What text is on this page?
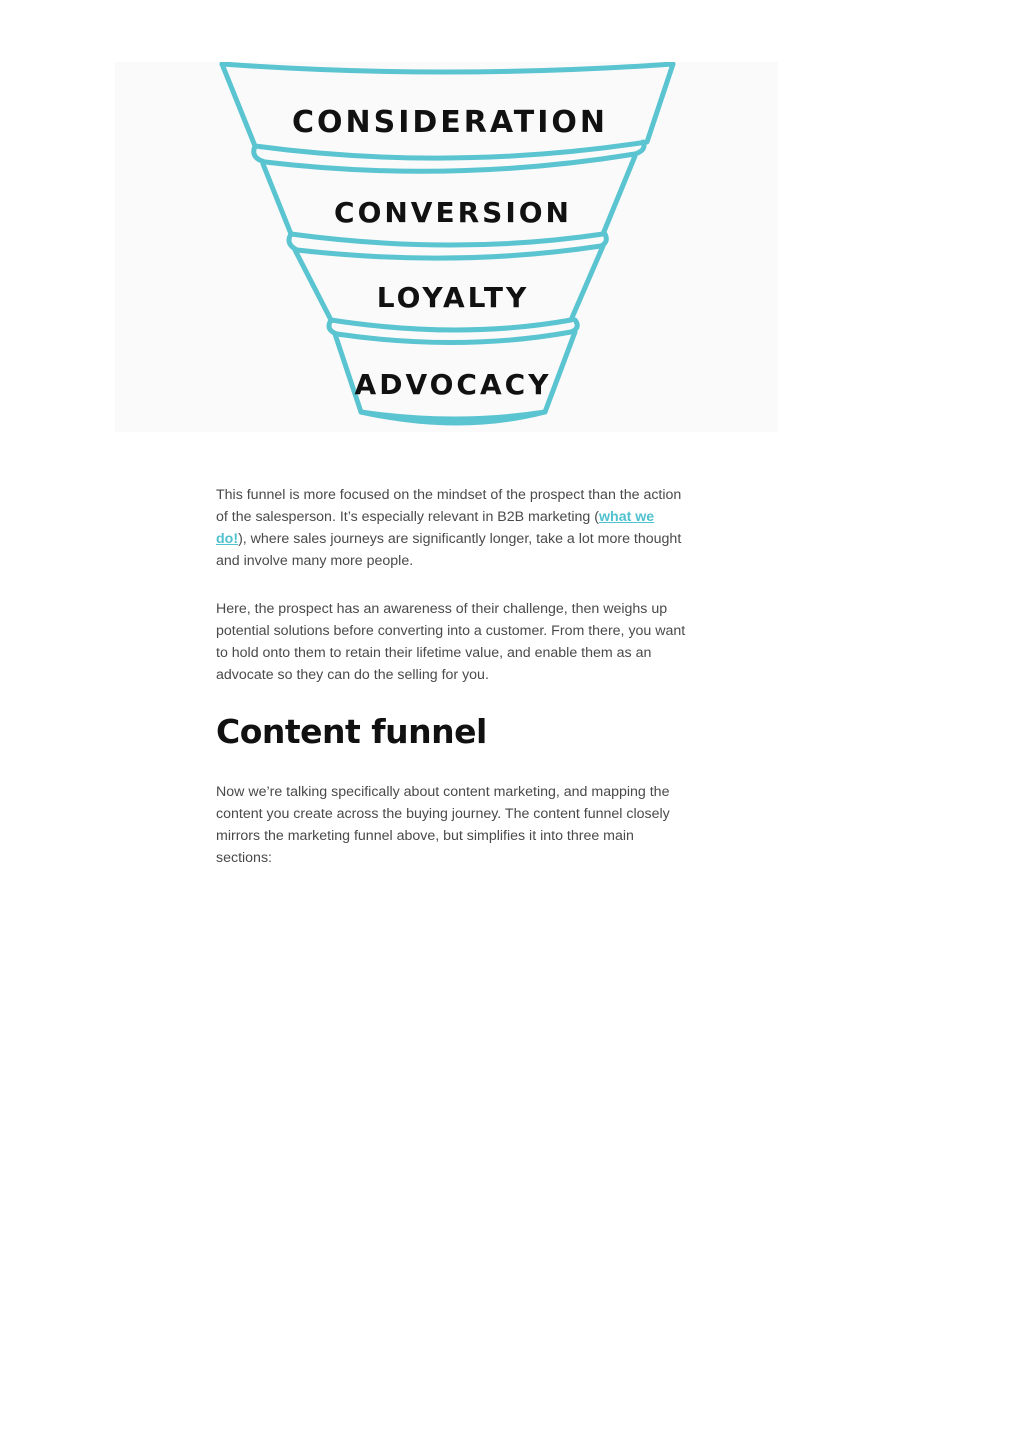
CONSIDERATION
CONVERSION
LOYALTY
ADVOCACY

This funnel is more focused on the mindset of the prospect than the action of the salesperson. It’s especially relevant in B2B marketing (what we do!), where sales journeys are significantly longer, take a lot more thought and involve many more people.

Here, the prospect has an awareness of their challenge, then weighs up potential solutions before converting into a customer. From there, you want to hold onto them to retain their lifetime value, and enable them as an advocate so they can do the selling for you.

Content funnel

Now we’re talking specifically about content marketing, and mapping the content you create across the buying journey. The content funnel closely mirrors the marketing funnel above, but simplifies it into three main sections:
